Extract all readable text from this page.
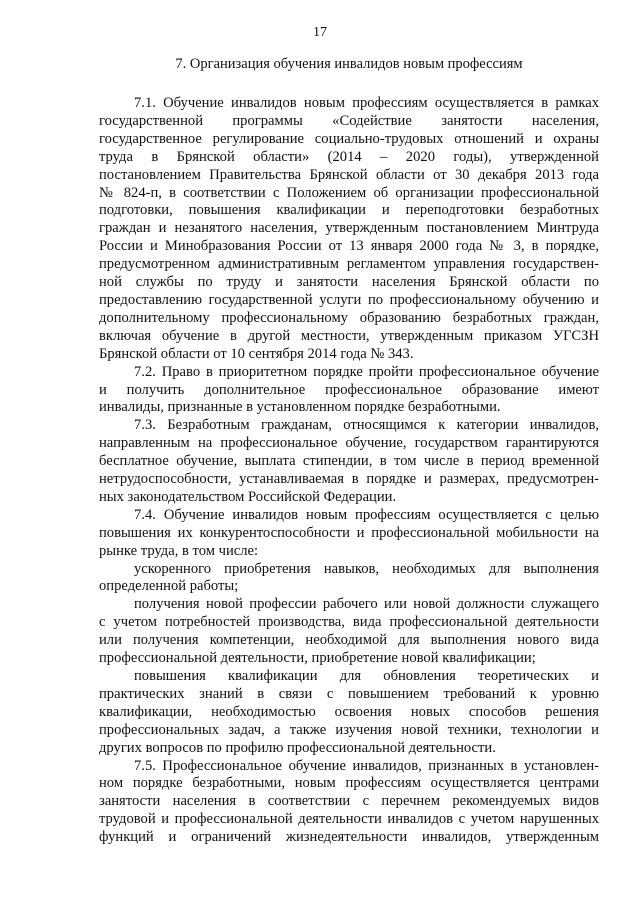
17
7. Организация обучения инвалидов новым профессиям
7.1. Обучение инвалидов новым профессиям осуществляется в рамках
государственной программы «Содействие занятости населения,
государственное регулирование социально-трудовых отношений и охраны
труда в Брянской области» (2014 – 2020 годы), утвержденной
постановлением Правительства Брянской области от 30 декабря 2013 года
№ 824-п, в соответствии с Положением об организации профессиональной
подготовки, повышения квалификации и переподготовки безработных
граждан и незанятого населения, утвержденным постановлением Минтруда
России и Минобразования России от 13 января 2000 года № 3, в порядке,
предусмотренном административным регламентом управления государствен-
ной службы по труду и занятости населения Брянской области по
предоставлению государственной услуги по профессиональному обучению и
дополнительному профессиональному образованию безработных граждан,
включая обучение в другой местности, утвержденным приказом УГСЗН
Брянской области от 10 сентября 2014 года № 343.
7.2. Право в приоритетном порядке пройти профессиональное обучение
и получить дополнительное профессиональное образование имеют
инвалиды, признанные в установленном порядке безработными.
7.3. Безработным гражданам, относящимся к категории инвалидов,
направленным на профессиональное обучение, государством гарантируются
бесплатное обучение, выплата стипендии, в том числе в период временной
нетрудоспособности, устанавливаемая в порядке и размерах, предусмотрен-
ных законодательством Российской Федерации.
7.4. Обучение инвалидов новым профессиям осуществляется с целью
повышения их конкурентоспособности и профессиональной мобильности на
рынке труда, в том числе:
ускоренного приобретения навыков, необходимых для выполнения
определенной работы;
получения новой профессии рабочего или новой должности служащего
с учетом потребностей производства, вида профессиональной деятельности
или получения компетенции, необходимой для выполнения нового вида
профессиональной деятельности, приобретение новой квалификации;
повышения квалификации для обновления теоретических и
практических знаний в связи с повышением требований к уровню
квалификации, необходимостью освоения новых способов решения
профессиональных задач, а также изучения новой техники, технологии и
других вопросов по профилю профессиональной деятельности.
7.5. Профессиональное обучение инвалидов, признанных в установлен-
ном порядке безработными, новым профессиям осуществляется центрами
занятости населения в соответствии с перечнем рекомендуемых видов
трудовой и профессиональной деятельности инвалидов с учетом нарушенных
функций и ограничений жизнедеятельности инвалидов, утвержденным
